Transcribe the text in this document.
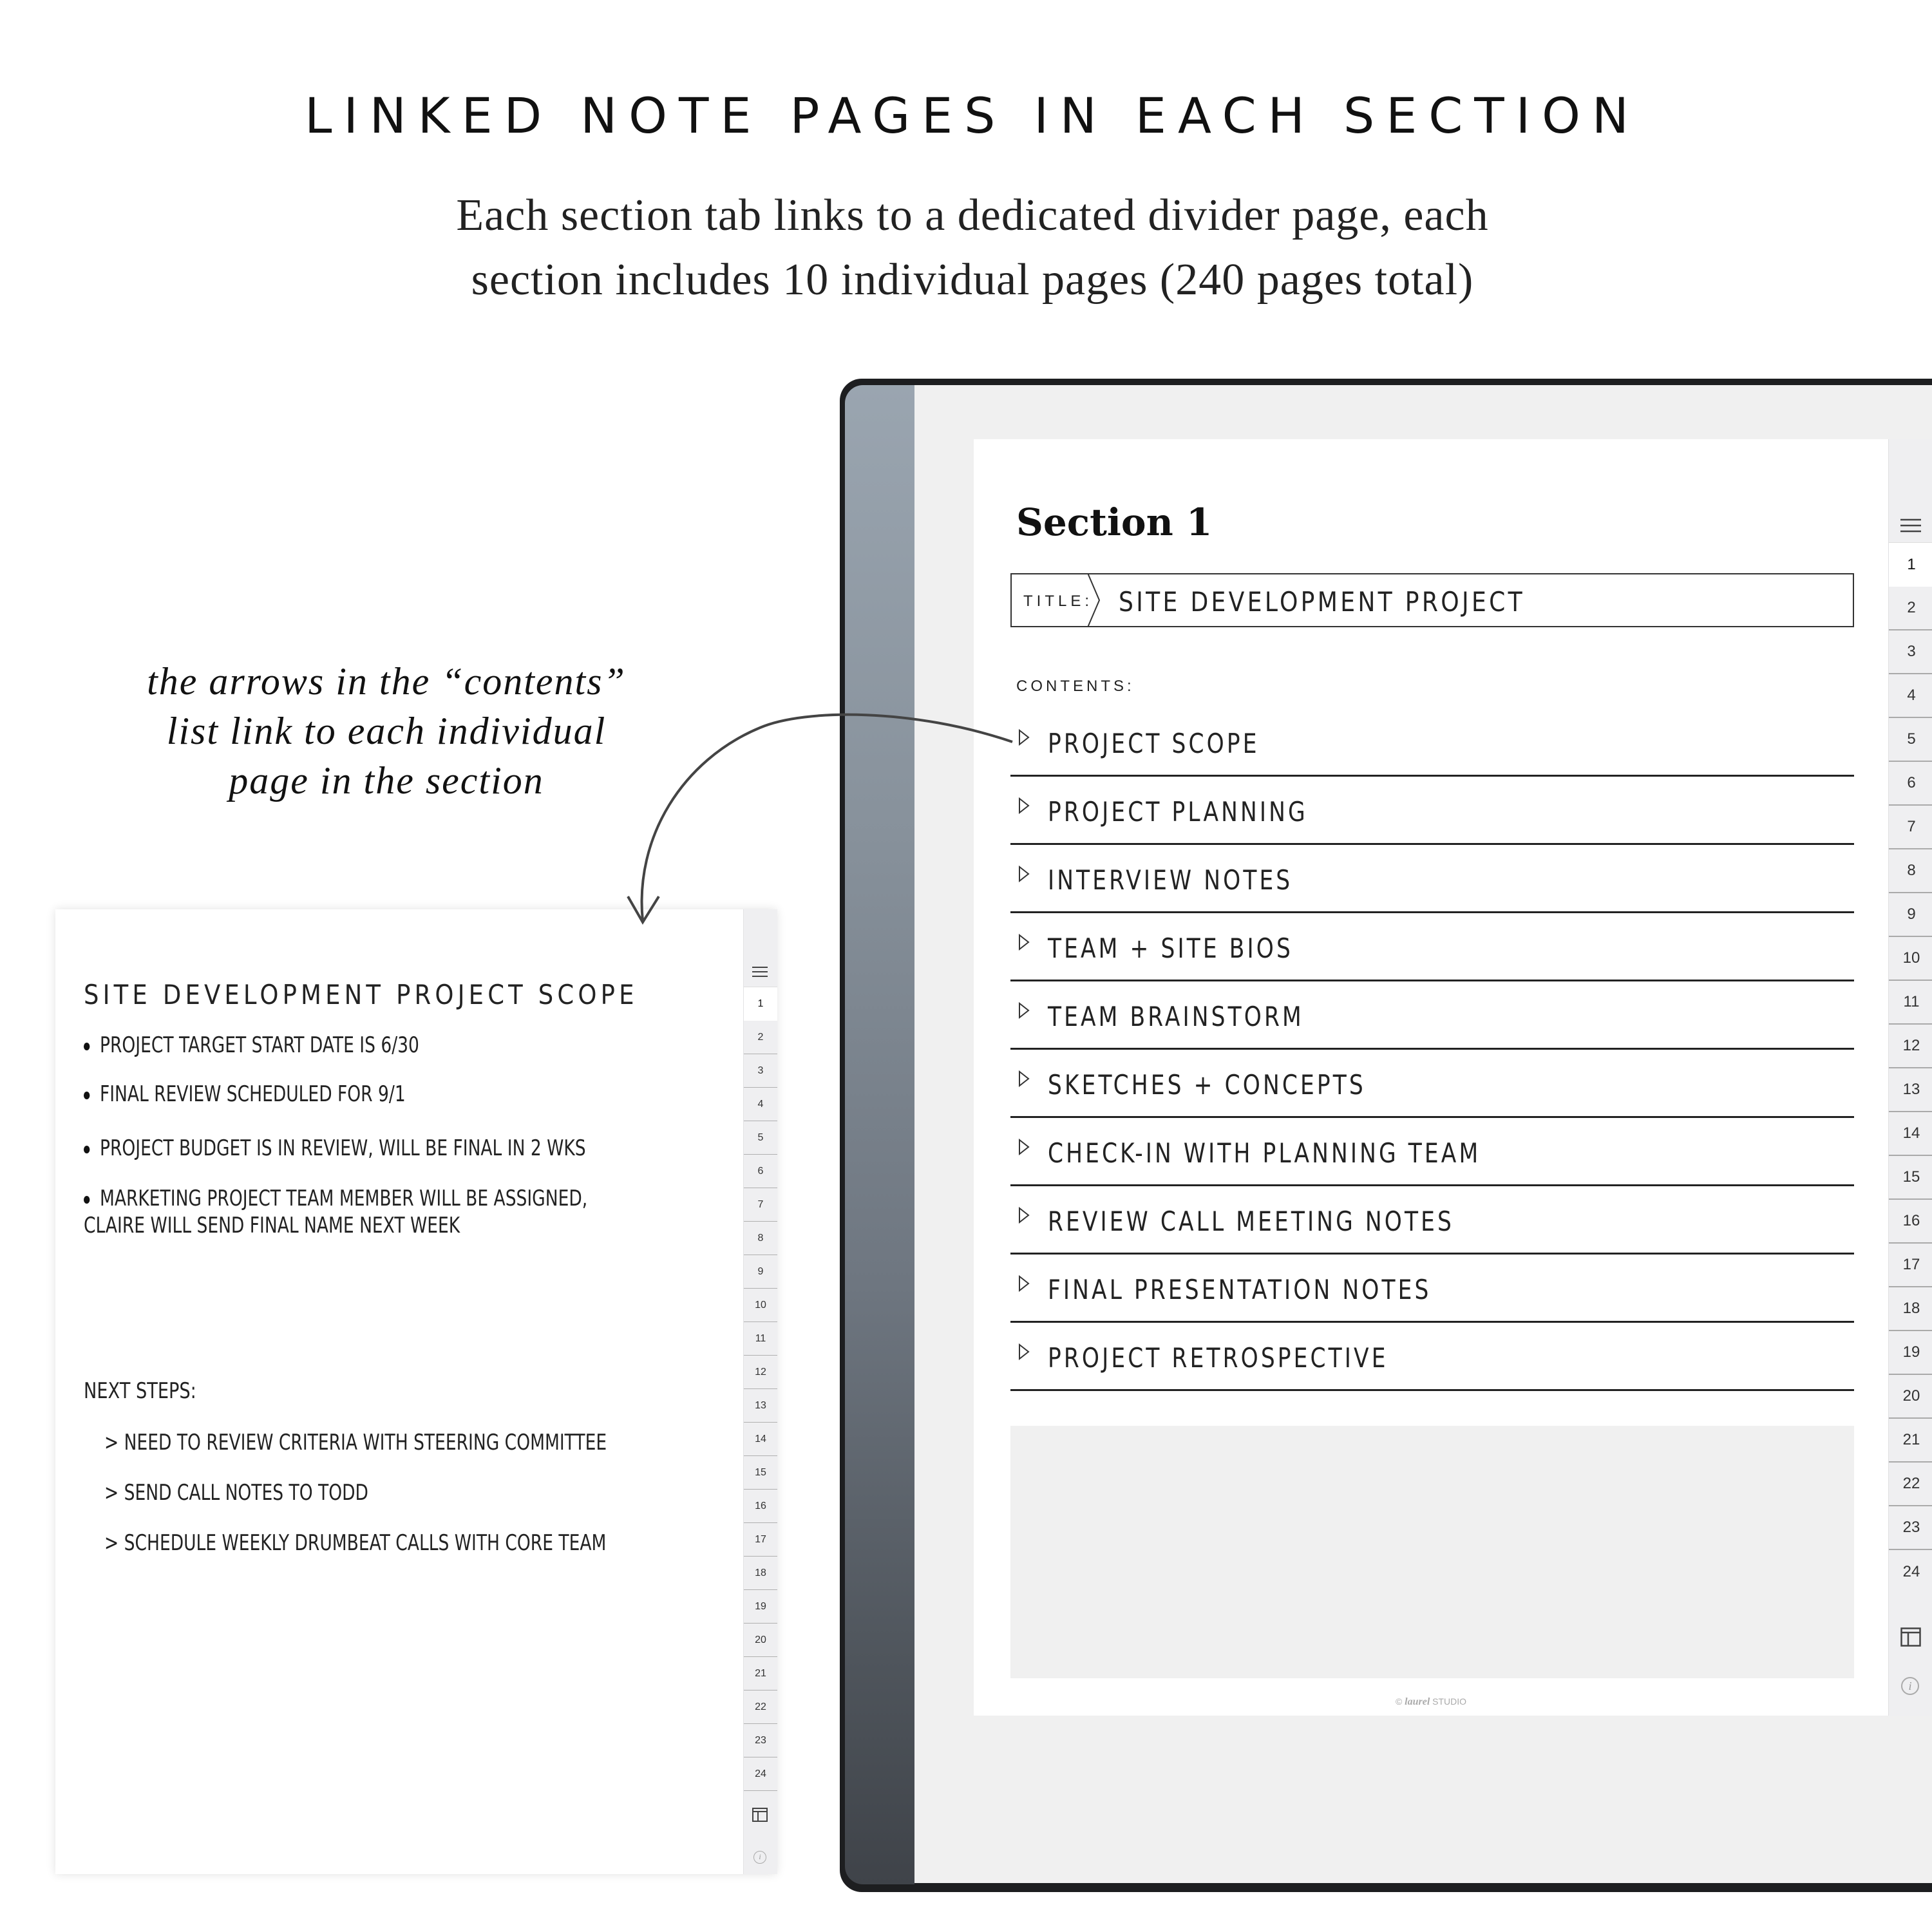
LINKED NOTE PAGES IN EACH SECTION
Each section tab links to a dedicated divider page, each
section includes 10 individual pages (240 pages total)
the arrows in the “contents”
list link to each individual
page in the section
Section 1
TITLE: SITE DEVELOPMENT PROJECT
CONTENTS:
PROJECT SCOPE
PROJECT PLANNING
INTERVIEW NOTES
TEAM + SITE BIOS
TEAM BRAINSTORM
SKETCHES + CONCEPTS
CHECK-IN WITH PLANNING TEAM
REVIEW CALL MEETING NOTES
FINAL PRESENTATION NOTES
PROJECT RETROSPECTIVE
© laurel STUDIO
1
2
3
4
5
6
7
8
9
10
11
12
13
14
15
16
17
18
19
20
21
22
23
24
i
SITE DEVELOPMENT PROJECT SCOPE
PROJECT TARGET START DATE IS 6/30
FINAL REVIEW SCHEDULED FOR 9/1
PROJECT BUDGET IS IN REVIEW, WILL BE FINAL IN 2 WKS
MARKETING PROJECT TEAM MEMBER WILL BE ASSIGNED,
CLAIRE WILL SEND FINAL NAME NEXT WEEK
NEXT STEPS:
> NEED TO REVIEW CRITERIA WITH STEERING COMMITTEE
> SEND CALL NOTES TO TODD
> SCHEDULE WEEKLY DRUMBEAT CALLS WITH CORE TEAM
1
2
3
4
5
6
7
8
9
10
11
12
13
14
15
16
17
18
19
20
21
22
23
24
i
